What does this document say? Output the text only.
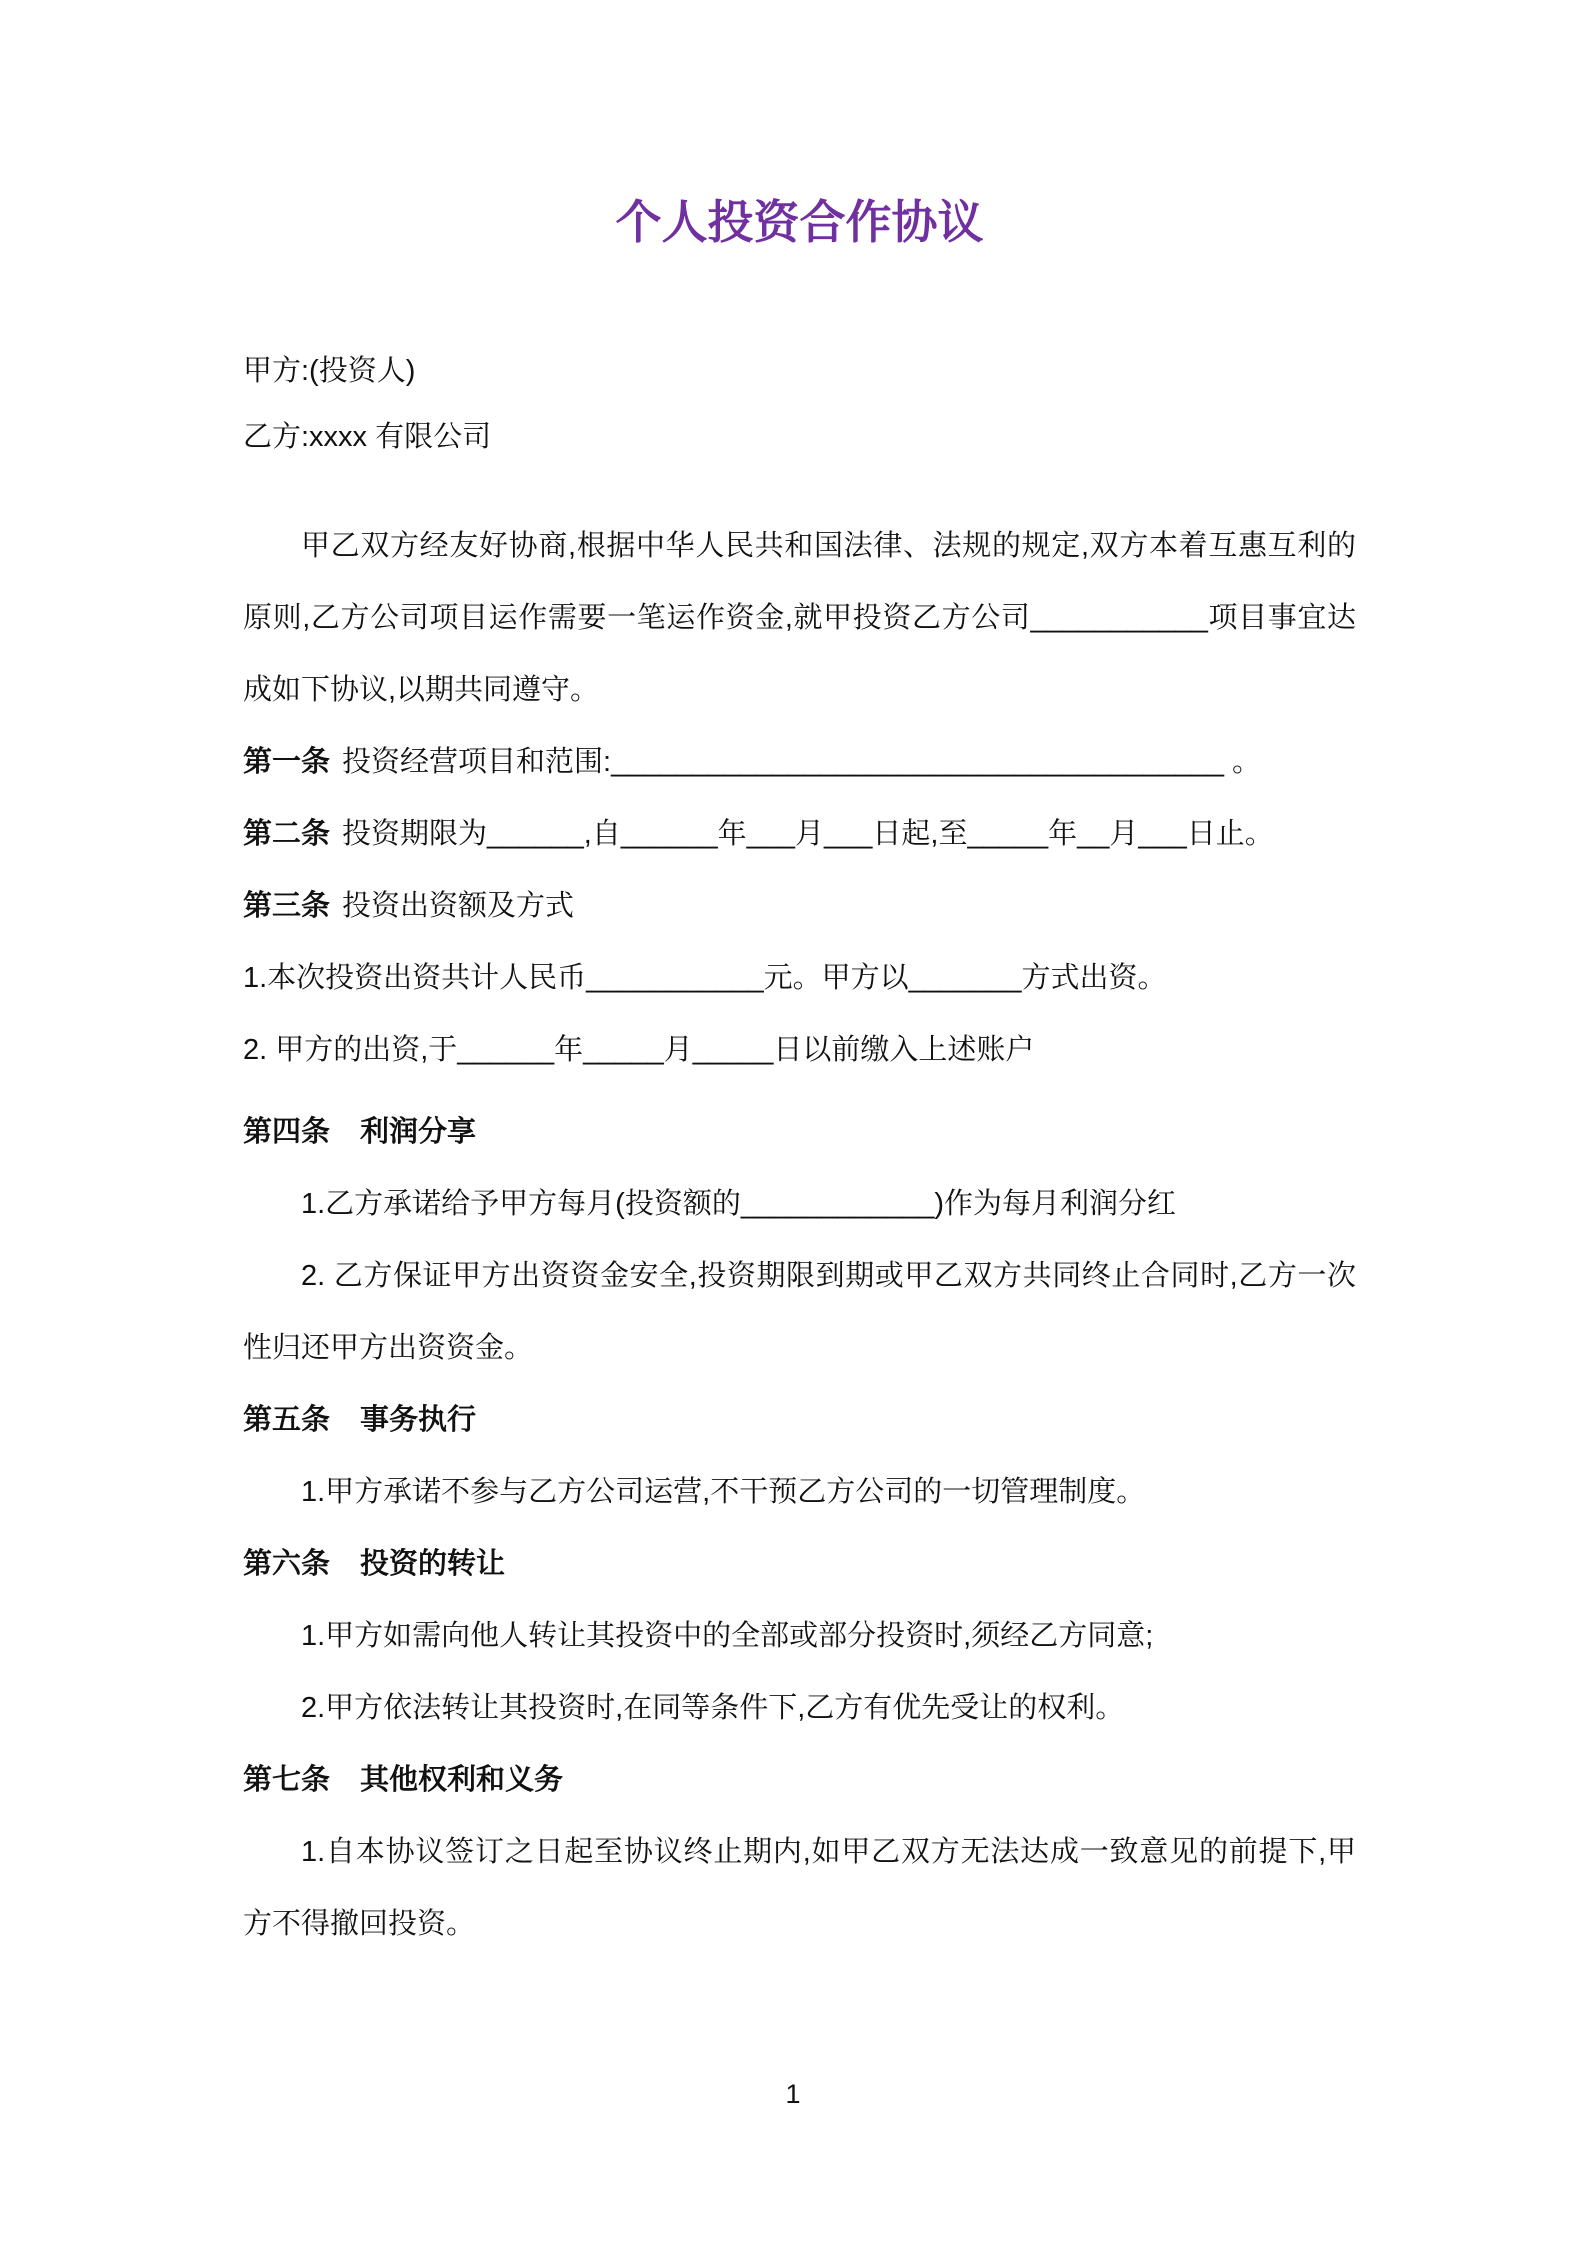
个人投资合作协议

甲方:(投资人)

乙方:xxxx 有限公司

甲乙双方经友好协商,根据中华人民共和国法律、法规的规定,双方本着互惠互利的原则,乙方公司项目运作需要一笔运作资金,就甲投资乙方公司___________项目事宜达成如下协议,以期共同遵守。

第一条 投资经营项目和范围:______________________________________ 。

第二条 投资期限为______,自______年___月___日起,至_____年__月___日止。

第三条 投资出资额及方式

1.本次投资出资共计人民币___________元。甲方以_______方式出资。

2. 甲方的出资,于______年_____月_____日以前缴入上述账户

第四条 利润分享

1.乙方承诺给予甲方每月(投资额的____________)作为每月利润分红

2. 乙方保证甲方出资资金安全,投资期限到期或甲乙双方共同终止合同时,乙方一次性归还甲方出资资金。

第五条 事务执行

1.甲方承诺不参与乙方公司运营,不干预乙方公司的一切管理制度。

第六条 投资的转让

1.甲方如需向他人转让其投资中的全部或部分投资时,须经乙方同意;

2.甲方依法转让其投资时,在同等条件下,乙方有优先受让的权利。

第七条 其他权利和义务

1.自本协议签订之日起至协议终止期内,如甲乙双方无法达成一致意见的前提下,甲方不得撤回投资。

1
